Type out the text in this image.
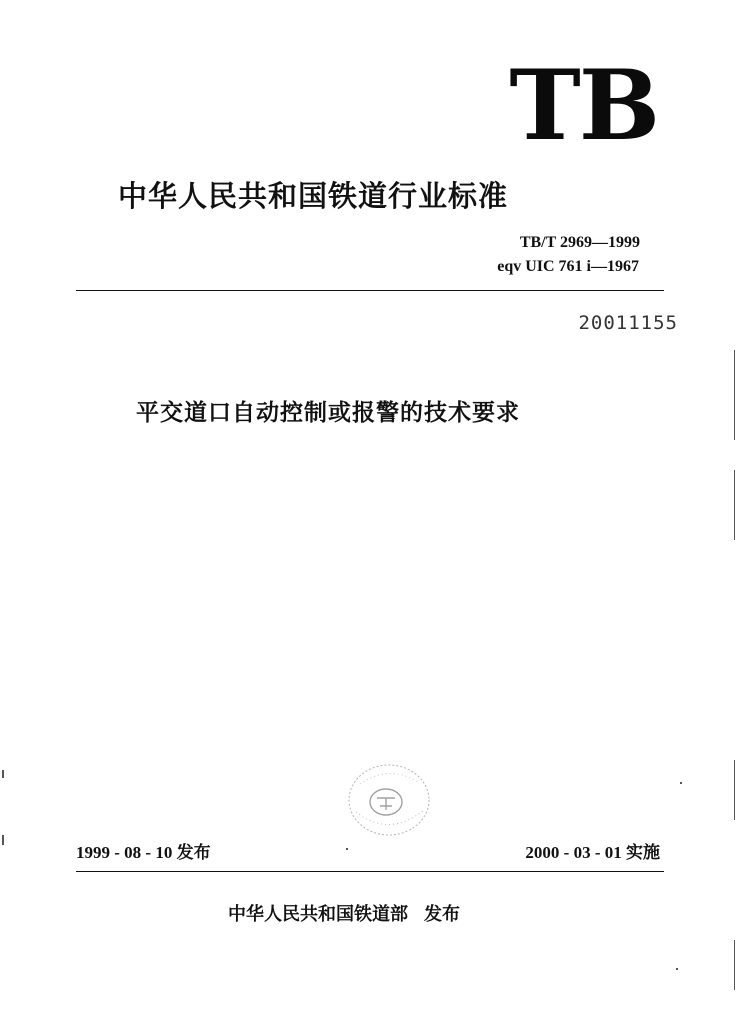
TB
中华人民共和国铁道行业标准
TB/T 2969—1999
eqv UIC 761 i—1967
20011155
平交道口自动控制或报警的技术要求
1999 - 08 - 10 发布	2000 - 03 - 01 实施
中华人民共和国铁道部 发布
